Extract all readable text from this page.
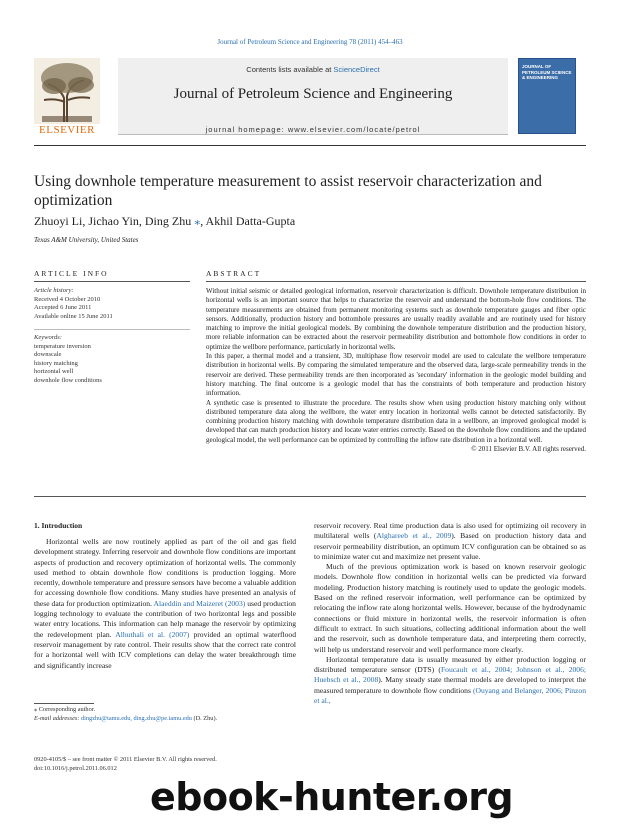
Journal of Petroleum Science and Engineering 78 (2011) 454–463
Contents lists available at ScienceDirect
Journal of Petroleum Science and Engineering
journal homepage: www.elsevier.com/locate/petrol
ELSEVIER
JOURNAL OF PETROLEUM SCIENCE & ENGINEERING
Using downhole temperature measurement to assist reservoir characterization and optimization
Zhuoyi Li, Jichao Yin, Ding Zhu ⁎, Akhil Datta-Gupta
Texas A&M University, United States
ARTICLE INFO
Article history:
Received 4 October 2010
Accepted 6 June 2011
Available online 15 June 2011
Keywords:
temperature inversion
downscale
history matching
horizontal well
downhole flow conditions
ABSTRACT

Without initial seismic or detailed geological information, reservoir characterization is difficult. Downhole temperature distribution in horizontal wells is an important source that helps to characterize the reservoir and understand the bottom-hole flow conditions. The temperature measurements are obtained from permanent monitoring systems such as downhole temperature gauges and fiber optic sensors. Additionally, production history and bottomhole pressures are usually readily available and are routinely used for history matching to improve the initial geological models. By combining the downhole temperature distribution and the production history, more reliable information can be extracted about the reservoir permeability distribution and bottomhole flow conditions in order to optimize the wellbore performance, particularly in horizontal wells.

In this paper, a thermal model and a transient, 3D, multiphase flow reservoir model are used to calculate the wellbore temperature distribution in horizontal wells. By comparing the simulated temperature and the observed data, large-scale permeability trends in the reservoir are derived. These permeability trends are then incorporated as 'secondary' information in the geologic model building and history matching. The final outcome is a geologic model that has the constraints of both temperature and production history information.

A synthetic case is presented to illustrate the procedure. The results show when using production history matching only without distributed temperature data along the wellbore, the water entry location in horizontal wells cannot be detected satisfactorily. By combining production history matching with downhole temperature distribution data in a wellbore, an improved geological model is developed that can match production history and locate water entries correctly. Based on the downhole flow conditions and the updated geological model, the well performance can be optimized by controlling the inflow rate distribution in a horizontal well.

© 2011 Elsevier B.V. All rights reserved.

1. Introduction

Horizontal wells are now routinely applied as part of the oil and gas field development strategy. Inferring reservoir and downhole flow conditions are important aspects of production and recovery optimization of horizontal wells. The commonly used method to obtain downhole flow conditions is production logging. More recently, downhole temperature and pressure sensors have become a valuable addition for accessing downhole flow conditions. Many studies have presented an analysis of these data for production optimization. Alaeddin and Maizeret (2003) used production logging technology to evaluate the contribution of two horizontal legs and possible water entry locations. This information can help manage the reservoir by optimizing the redevelopment plan. Alhuthali et al. (2007) provided an optimal waterflood reservoir management by rate control. Their results show that the correct rate control for a horizontal well with ICV completions can delay the water breakthrough time and significantly increase

reservoir recovery. Real time production data is also used for optimizing oil recovery in multilateral wells (Alghareeb et al., 2009). Based on production history data and reservoir permeability distribution, an optimum ICV configuration can be obtained so as to minimize water cut and maximize net present value.

Much of the previous optimization work is based on known reservoir geologic models. Downhole flow condition in horizontal wells can be predicted via forward modeling. Production history matching is routinely used to update the geologic models. Based on the refined reservoir information, well performance can be optimized by relocating the inflow rate along horizontal wells. However, because of the hydrodynamic connections or fluid mixture in horizontal wells, the reservoir information is often difficult to extract. In such situations, collecting additional information about the well and the reservoir, such as downhole temperature data, and interpreting them correctly, will help us understand reservoir and well performance more clearly.

Horizontal temperature data is usually measured by either production logging or distributed temperature sensor (DTS) (Foucault et al., 2004; Johnson et al., 2006; Huebsch et al., 2008). Many steady state thermal models are developed to interpret the measured temperature to downhole flow conditions (Ouyang and Belanger, 2006; Pinzon et al.,

⁎ Corresponding author.
E-mail addresses: dingzhu@tamu.edu, ding.zhu@pe.tamu.edu (D. Zhu).
0920-4105/$ – see front matter © 2011 Elsevier B.V. All rights reserved.
doi:10.1016/j.petrol.2011.06.012
ebook-hunter.org
